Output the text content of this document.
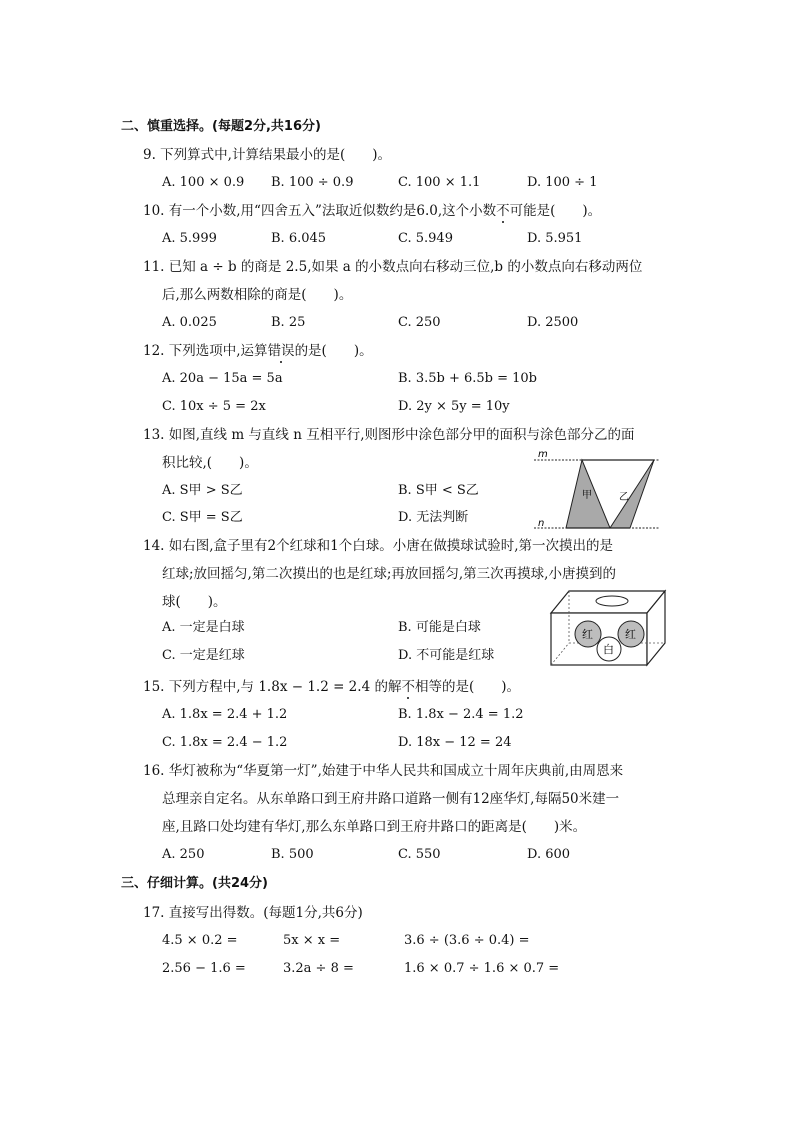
二、慎重选择。(每题2分,共16分)
9. 下列算式中,计算结果最小的是(　　)。
A. 100 × 0.9 B. 100 ÷ 0.9	C. 100 × 1.1	D. 100 ÷ 1
10. 有一个小数,用“四舍五入”法取近似数约是6.0,这个小数不可能是(　　)。
A. 5.999	B. 6.045	C. 5.949	D. 5.951
11. 已知 a ÷ b 的商是 2.5,如果 a 的小数点向右移动三位,b 的小数点向右移动两位
后,那么两数相除的商是(　　)。
A. 0.025	B. 25	C. 250	D. 2500
12. 下列选项中,运算错误的是(　　)。
A. 20a − 15a = 5a	B. 3.5b + 6.5b = 10b
C. 10x ÷ 5 = 2x	D. 2y × 5y = 10y
13. 如图,直线 m 与直线 n 互相平行,则图形中涂色部分甲的面积与涂色部分乙的面
积比较,(　　)。
A. S甲 > S乙	B. S甲 < S乙
C. S甲 = S乙	D. 无法判断
m
n
甲	乙
14. 如右图,盒子里有2个红球和1个白球。小唐在做摸球试验时,第一次摸出的是
红球;放回摇匀,第二次摸出的也是红球;再放回摇匀,第三次再摸球,小唐摸到的
球(　　)。
A. 一定是白球	B. 可能是白球
C. 一定是红球	D. 不可能是红球
红	红
白
15. 下列方程中,与 1.8x − 1.2 = 2.4 的解不相等的是(　　)。
A. 1.8x = 2.4 + 1.2	B. 1.8x − 2.4 = 1.2
C. 1.8x = 2.4 − 1.2	D. 18x − 12 = 24
16. 华灯被称为“华夏第一灯”,始建于中华人民共和国成立十周年庆典前,由周恩来
总理亲自定名。从东单路口到王府井路口道路一侧有12座华灯,每隔50米建一
座,且路口处均建有华灯,那么东单路口到王府井路口的距离是(　　)米。
A. 250	B. 500	C. 550	D. 600
三、仔细计算。(共24分)
17. 直接写出得数。(每题1分,共6分)
4.5 × 0.2 =	5x × x =	3.6 ÷ (3.6 ÷ 0.4) =
2.56 − 1.6 =	3.2a ÷ 8 =	1.6 × 0.7 ÷ 1.6 × 0.7 =
